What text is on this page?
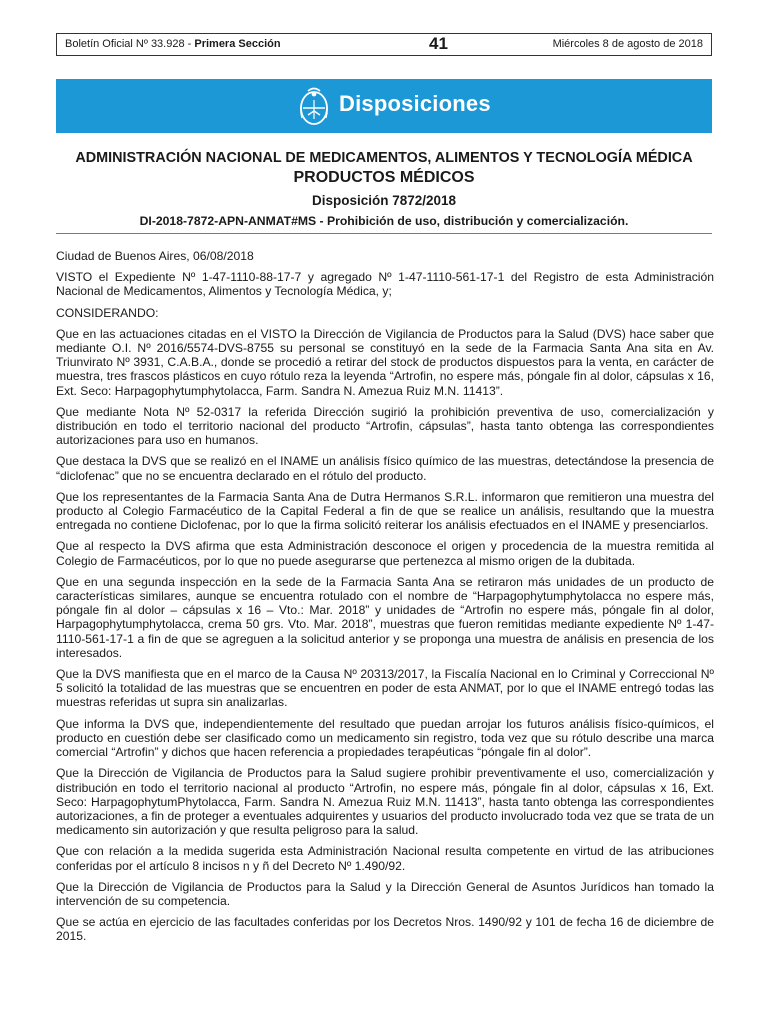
Boletín Oficial Nº 33.928 - Primera Sección	41	Miércoles 8 de agosto de 2018
Disposiciones
ADMINISTRACIÓN NACIONAL DE MEDICAMENTOS, ALIMENTOS Y TECNOLOGÍA MÉDICA
PRODUCTOS MÉDICOS
Disposición 7872/2018
DI-2018-7872-APN-ANMAT#MS - Prohibición de uso, distribución y comercialización.

Ciudad de Buenos Aires, 06/08/2018

VISTO el Expediente Nº 1-47-1110-88-17-7 y agregado Nº 1-47-1110-561-17-1 del Registro de esta Administración Nacional de Medicamentos, Alimentos y Tecnología Médica, y;

CONSIDERANDO:

Que en las actuaciones citadas en el VISTO la Dirección de Vigilancia de Productos para la Salud (DVS) hace saber que mediante O.I. Nº 2016/5574-DVS-8755 su personal se constituyó en la sede de la Farmacia Santa Ana sita en Av. Triunvirato Nº 3931, C.A.B.A., donde se procedió a retirar del stock de productos dispuestos para la venta, en carácter de muestra, tres frascos plásticos en cuyo rótulo reza la leyenda “Artrofin, no espere más, póngale fin al dolor, cápsulas x 16, Ext. Seco: Harpagophytumphytolacca, Farm. Sandra N. Amezua Ruiz M.N. 11413”.

Que mediante Nota Nº 52-0317 la referida Dirección sugirió la prohibición preventiva de uso, comercialización y distribución en todo el territorio nacional del producto “Artrofin, cápsulas”, hasta tanto obtenga las correspondientes autorizaciones para uso en humanos.

Que destaca la DVS que se realizó en el INAME un análisis físico químico de las muestras, detectándose la presencia de “diclofenac” que no se encuentra declarado en el rótulo del producto.

Que los representantes de la Farmacia Santa Ana de Dutra Hermanos S.R.L. informaron que remitieron una muestra del producto al Colegio Farmacéutico de la Capital Federal a fin de que se realice un análisis, resultando que la muestra entregada no contiene Diclofenac, por lo que la firma solicitó reiterar los análisis efectuados en el INAME y presenciarlos.

Que al respecto la DVS afirma que esta Administración desconoce el origen y procedencia de la muestra remitida al Colegio de Farmacéuticos, por lo que no puede asegurarse que pertenezca al mismo origen de la dubitada.

Que en una segunda inspección en la sede de la Farmacia Santa Ana se retiraron más unidades de un producto de características similares, aunque se encuentra rotulado con el nombre de “Harpagophytumphytolacca no espere más, póngale fin al dolor – cápsulas x 16 – Vto.: Mar. 2018” y unidades de “Artrofin no espere más, póngale fin al dolor, Harpagophytumphytolacca, crema 50 grs. Vto. Mar. 2018”, muestras que fueron remitidas mediante expediente Nº 1-47-1110-561-17-1 a fin de que se agreguen a la solicitud anterior y se proponga una muestra de análisis en presencia de los interesados.

Que la DVS manifiesta que en el marco de la Causa Nº 20313/2017, la Fiscalía Nacional en lo Criminal y Correccional Nº 5 solicitó la totalidad de las muestras que se encuentren en poder de esta ANMAT, por lo que el INAME entregó todas las muestras referidas ut supra sin analizarlas.

Que informa la DVS que, independientemente del resultado que puedan arrojar los futuros análisis físico-químicos, el producto en cuestión debe ser clasificado como un medicamento sin registro, toda vez que su rótulo describe una marca comercial “Artrofin” y dichos que hacen referencia a propiedades terapéuticas “póngale fin al dolor”.

Que la Dirección de Vigilancia de Productos para la Salud sugiere prohibir preventivamente el uso, comercialización y distribución en todo el territorio nacional al producto “Artrofin, no espere más, póngale fin al dolor, cápsulas x 16, Ext. Seco: HarpagophytumPhytolacca, Farm. Sandra N. Amezua Ruiz M.N. 11413”, hasta tanto obtenga las correspondientes autorizaciones, a fin de proteger a eventuales adquirentes y usuarios del producto involucrado toda vez que se trata de un medicamento sin autorización y que resulta peligroso para la salud.

Que con relación a la medida sugerida esta Administración Nacional resulta competente en virtud de las atribuciones conferidas por el artículo 8 incisos n y ñ del Decreto Nº 1.490/92.

Que la Dirección de Vigilancia de Productos para la Salud y la Dirección General de Asuntos Jurídicos han tomado la intervención de su competencia.

Que se actúa en ejercicio de las facultades conferidas por los Decretos Nros. 1490/92 y 101 de fecha 16 de diciembre de 2015.
